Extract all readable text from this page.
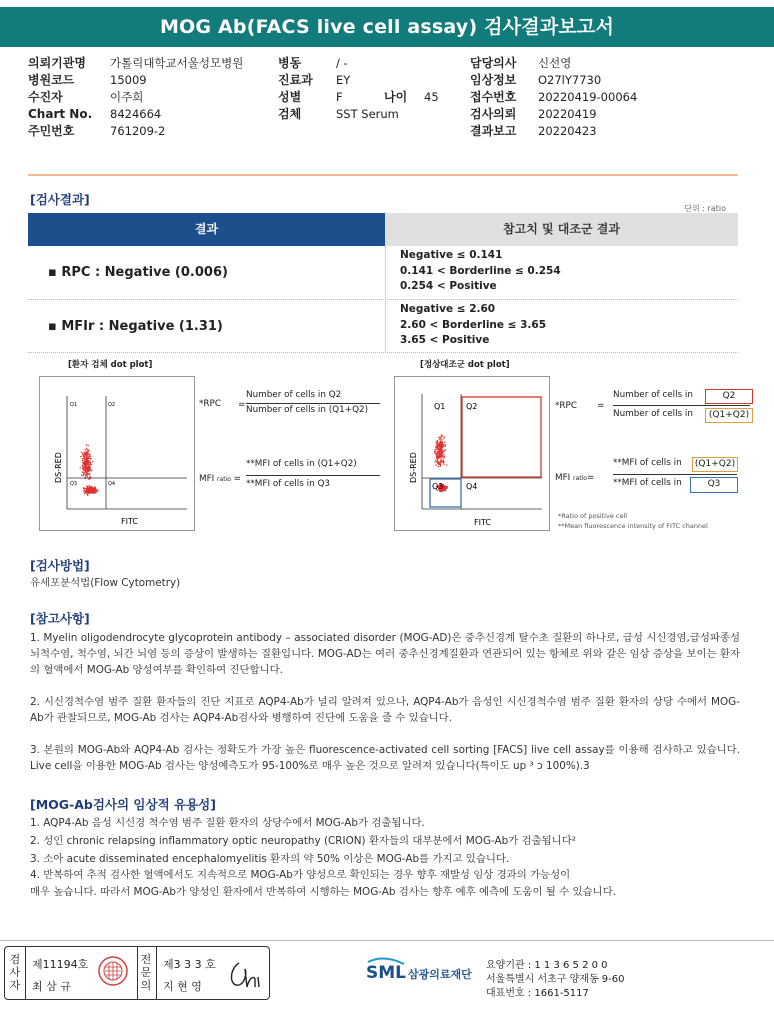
MOG Ab(FACS live cell assay) 검사결과보고서
의뢰기관명 가톨릭대학교서울성모병원
병원코드	15009
수진자	이주희
Chart No. 8424664
주민번호	761209-2
병동	/ -
진료과 EY
성별	F	나이 45
검체	SST Serum
담당의사 신선영
임상정보 O27lY7730
접수번호 20220419-00064
검사의뢰 20220419
결과보고 20220423
[검사결과]
단위 : ratio
결과	참고치 및 대조군 결과
▪ RPC : Negative (0.006)
Negative ≤ 0.141
0.141 < Borderline ≤ 0.254
0.254 < Positive
▪ MFIr : Negative (1.31)
Negative ≤ 2.60
2.60 < Borderline ≤ 3.65
3.65 < Positive
[환자 검체 dot plot]
DS-RED
FITC
Q1	Q2
Q3	Q4
*RPC =
Number of cells in Q2
Number of cells in (Q1+Q2)
MFI ratio =
**MFI of cells in (Q1+Q2)
**MFI of cells in Q3
[정상대조군 dot plot]
DS-RED
FITC
Q1	Q2
Q3	Q4
*RPC =
Number of cells in	Q2
Number of cells in	(Q1+Q2)
MFI ratio=
**MFI of cells in	(Q1+Q2)
**MFI of cells in	Q3
*Ratio of positive cell
**Mean fluorescence intensity of FITC channel
[검사방법]
유세포분석법(Flow Cytometry)
[참고사항]
1. Myelin oligodendrocyte glycoprotein antibody – associated disorder (MOG-AD)은 중추신경계 탈수초 질환의 하나로, 급성 시신경염,급성파종성 뇌척수염, 척수염, 뇌간 뇌염 등의 증상이 발생하는 질환입니다. MOG-AD는 여러 중추신경계질환과 연관되어 있는 항체로 위와 같은 임상 증상을 보이는 환자의 혈액에서 MOG-Ab 양성여부를 확인하여 진단합니다.
2. 시신경척수염 범주 질환 환자들의 진단 지표로 AQP4-Ab가 널리 알려져 있으나, AQP4-Ab가 음성인 시신경척수염 범주 질환 환자의 상당 수에서 MOG-Ab가 관찰되므로, MOG-Ab 검사는 AQP4-Ab검사와 병행하여 진단에 도움을 줄 수 있습니다.
3. 본원의 MOG-Ab와 AQP4-Ab 검사는 정확도가 가장 높은 fluorescence-activated cell sorting [FACS] live cell assay를 이용해 검사하고 있습니다. Live cell을 이용한 MOG-Ab 검사는 양성예측도가 95-100%로 매우 높은 것으로 알려져 있습니다(특이도 up ³ ɔ 100%).3
[MOG-Ab검사의 임상적 유용성]
1. AQP4-Ab 음성 시신경 척수염 범주 질환 환자의 상당수에서 MOG-Ab가 검출됩니다.
2. 성인 chronic relapsing inflammatory optic neuropathy (CRION) 환자들의 대부분에서 MOG-Ab가 검출됩니다²
3. 소아 acute disseminated encephalomyelitis 환자의 약 50% 이상은 MOG-Ab를 가지고 있습니다.
4. 반복하여 추적 검사한 혈액에서도 지속적으로 MOG-Ab가 양성으로 확인되는 경우 향후 재발성 임상 경과의 가능성이
매우 높습니다. 따라서 MOG-Ab가 양성인 환자에서 반복하여 시행하는 MOG-Ab 검사는 향후 예후 예측에 도움이 될 수 있습니다.
검
사
자
제11194호
최 삼 규
전
문
의
제3 3 3 호
지 현 영
SML 삼광의료재단
요양기관 : 1 1 3 6 5 2 0 0
서울특별시 서초구 양재동 9-60
대표번호 : 1661-5117
